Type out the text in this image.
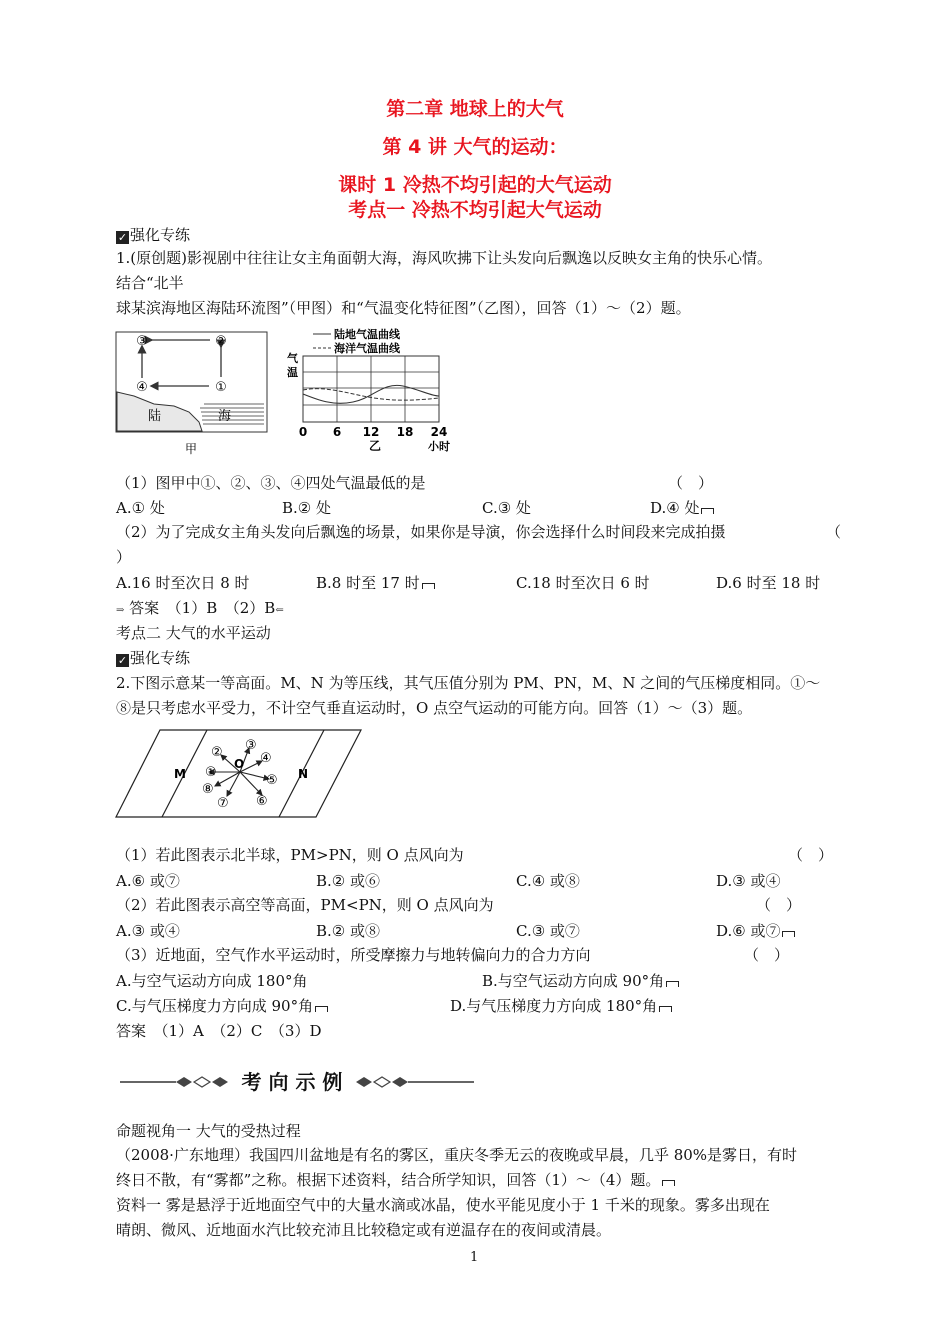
第二章 地球上的大气
第 4 讲 大气的运动：
课时 1 冷热不均引起的大气运动
考点一 冷热不均引起大气运动
✓ 强化专练
1.(原创题)影视剧中往往让女主角面朝大海，海风吹拂下让头发向后飘逸以反映女主角的快乐心情。
结合“北半
球某滨海地区海陆环流图”（甲图）和“气温变化特征图”（乙图），回答（1）～（2）题。
③	②
④	①
陆	海
甲
陆地气温曲线
海洋气温曲线
气
温
0 6 12 18 24
乙	小时
（1）图甲中①、②、③、④四处气温最低的是	（　）
A.① 处	B.② 处	C.③ 处	D.④ 处
（2）为了完成女主角头发向后飘逸的场景，如果你是导演，你会选择什么时间段来完成拍摄	（
）
A.16 时至次日 8 时	B.8 时至 17 时	C.18 时至次日 6 时	D.6 时至 18 时
⇒ 答案　（1）B　（2）B⇐
考点二 大气的水平运动
✓ 强化专练
2.下图示意某一等高面。M、N 为等压线，其气压值分别为 PM、PN，M、N 之间的气压梯度相同。①～
⑧是只考虑水平受力，不计空气垂直运动时，O 点空气运动的可能方向。回答（1）～（3）题。
M	N
O
①
② ③
④
⑤
⑥
⑦
⑧
（1）若此图表示北半球，PM>PN，则 O 点风向为	（　）
A.⑥ 或⑦	B.② 或⑥	C.④ 或⑧	D.③ 或④
（2）若此图表示高空等高面，PM<PN，则 O 点风向为	（　）
A.③ 或④	B.② 或⑧	C.③ 或⑦	D.⑥ 或⑦
（3）近地面，空气作水平运动时，所受摩擦力与地转偏向力的合力方向	（　）
A.与空气运动方向成 180°角	B.与空气运动方向成 90°角
C.与气压梯度力方向成 90°角	D.与气压梯度力方向成 180°角
答案　（1）A　（2）C　（3）D
考 向 示 例
命题视角一 大气的受热过程
（2008·广东地理）我国四川盆地是有名的雾区，重庆冬季无云的夜晚或早晨，几乎 80%是雾日，有时
终日不散，有“雾都”之称。根据下述资料，结合所学知识，回答（1）～（4）题。
资料一 雾是悬浮于近地面空气中的大量水滴或冰晶，使水平能见度小于 1 千米的现象。雾多出现在
晴朗、微风、近地面水汽比较充沛且比较稳定或有逆温存在的夜间或清晨。
1
